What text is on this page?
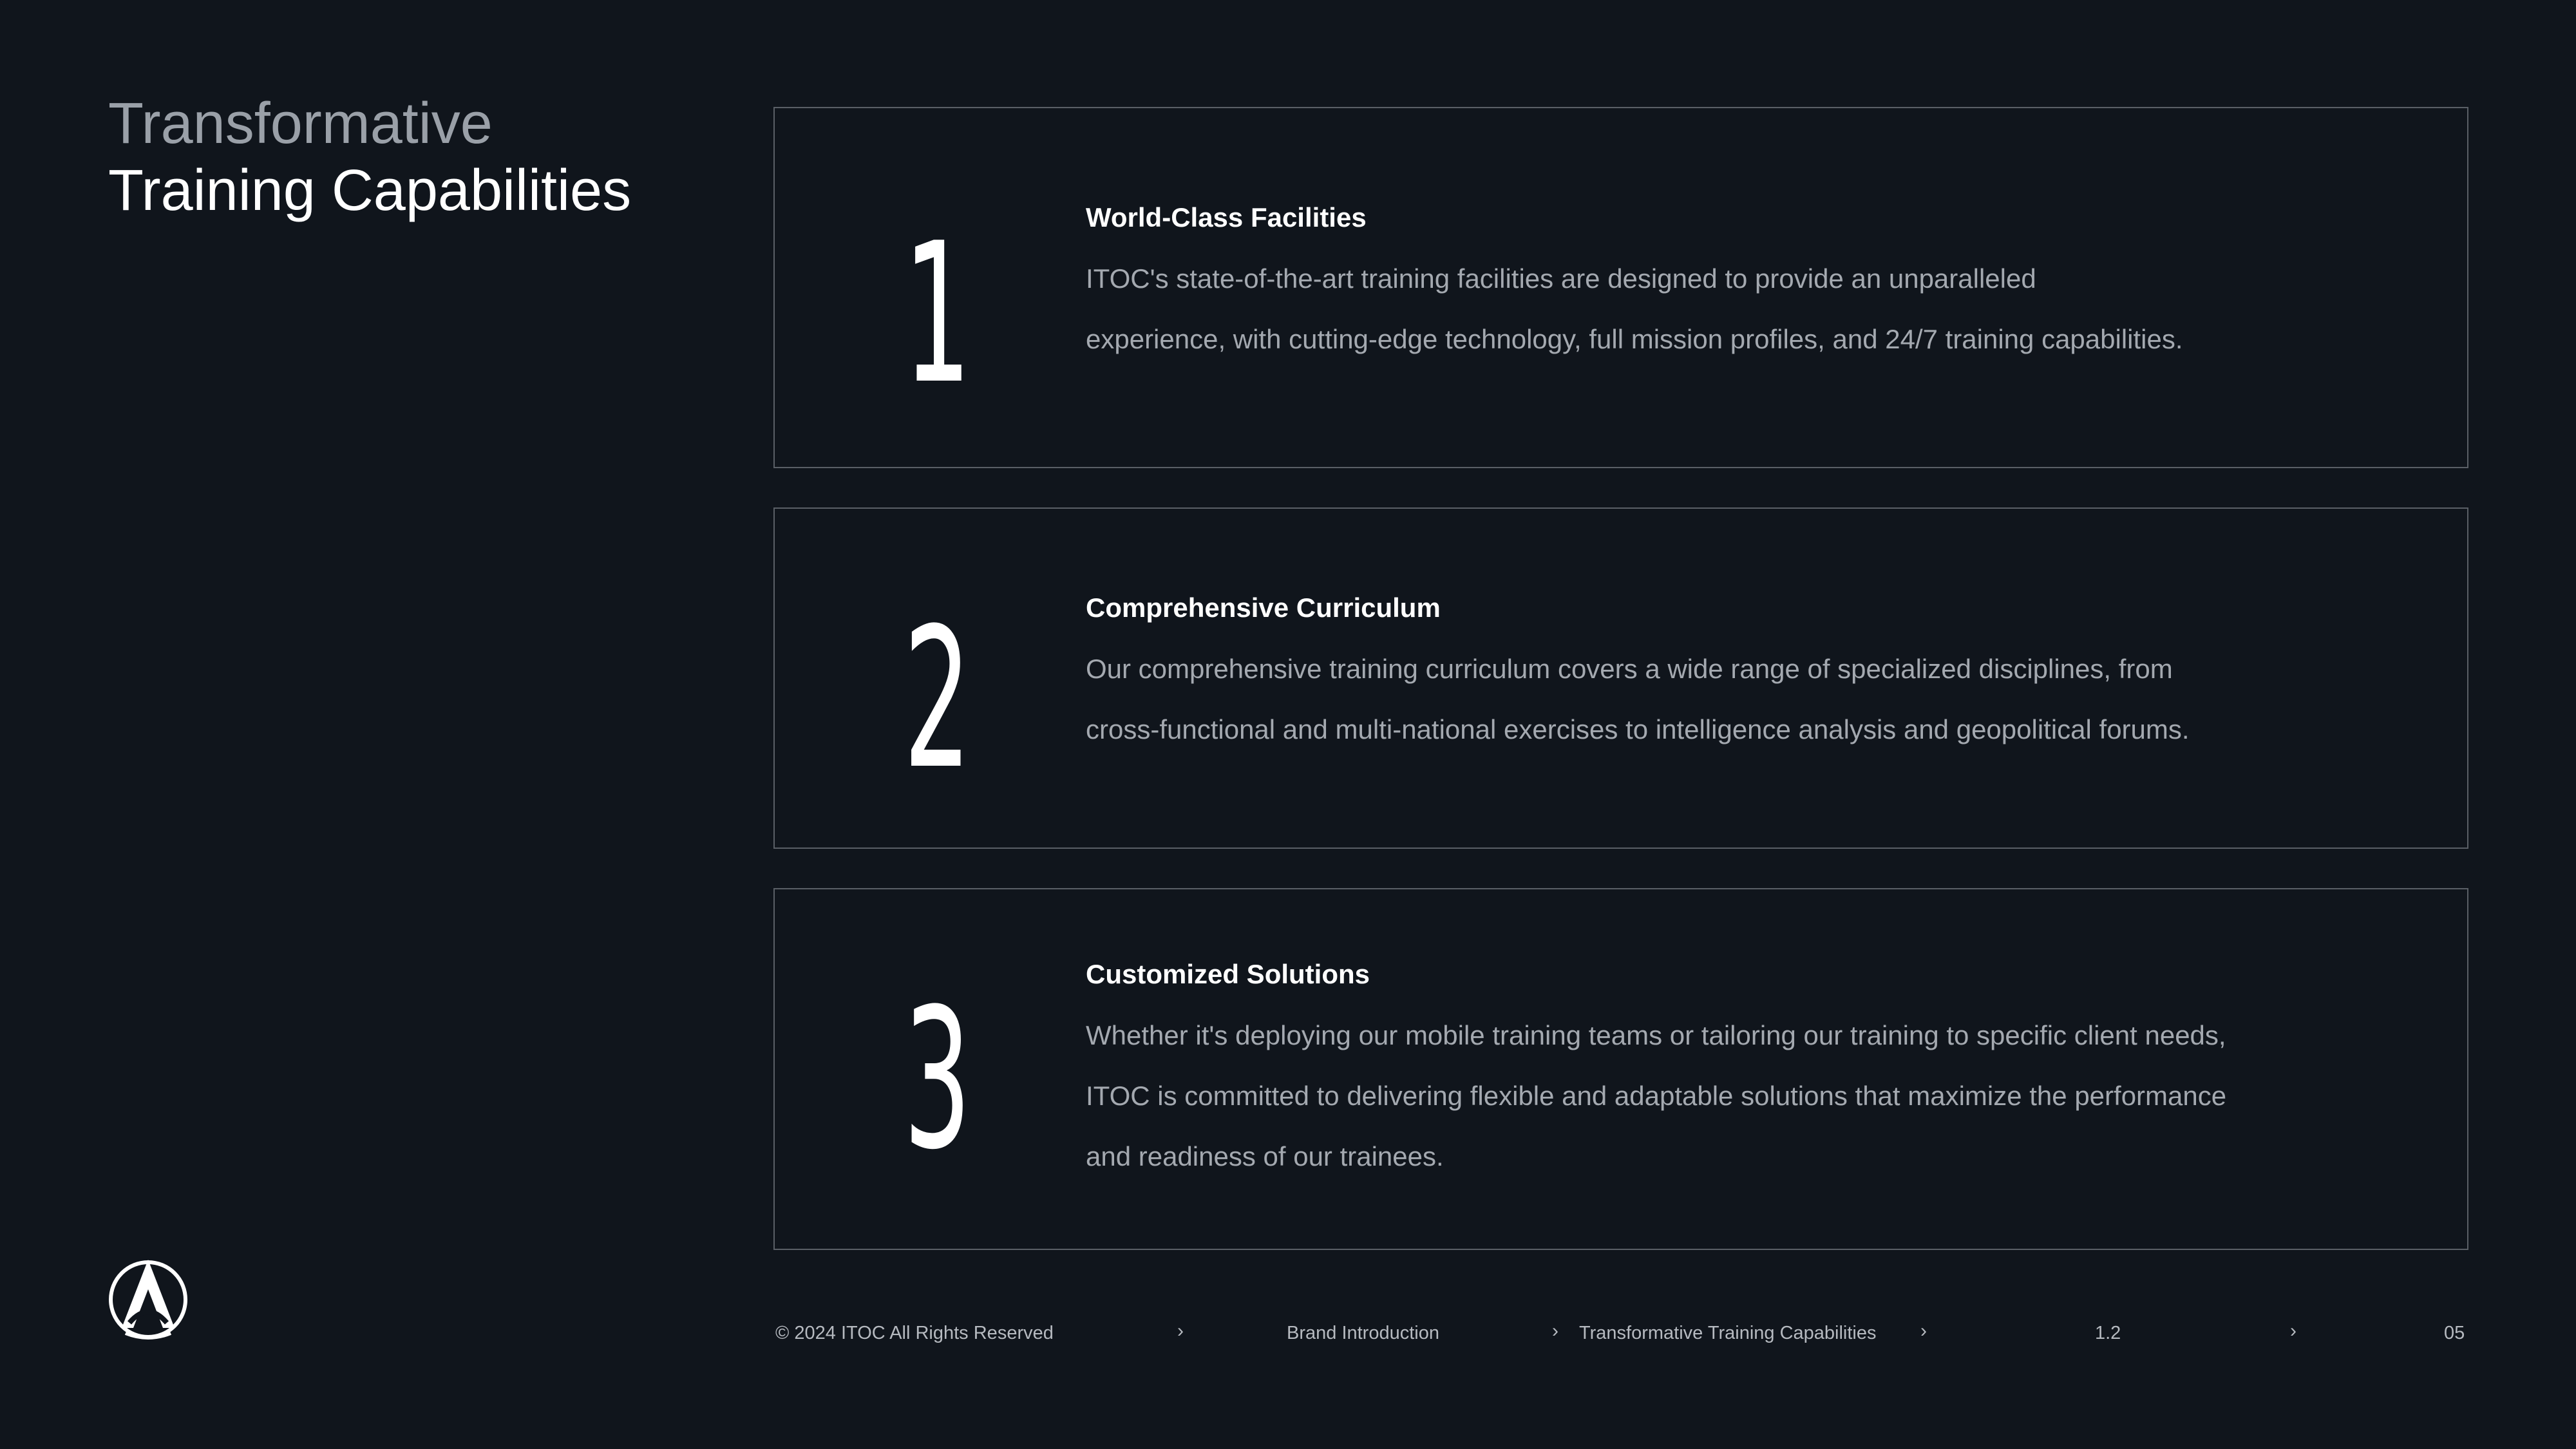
Transformative
Training Capabilities
1	World-Class Facilities
ITOC's state-of-the-art training facilities are designed to provide an unparalleled
experience, with cutting-edge technology, full mission profiles, and 24/7 training capabilities.
2	Comprehensive Curriculum
Our comprehensive training curriculum covers a wide range of specialized disciplines, from
cross-functional and multi-national exercises to intelligence analysis and geopolitical forums.
3	Customized Solutions
Whether it's deploying our mobile training teams or tailoring our training to specific client needs,
ITOC is committed to delivering flexible and adaptable solutions that maximize the performance
and readiness of our trainees.
© 2024 ITOC All Rights Reserved	›	Brand Introduction	› Transformative Training Capabilities ›	1.2	›	05
